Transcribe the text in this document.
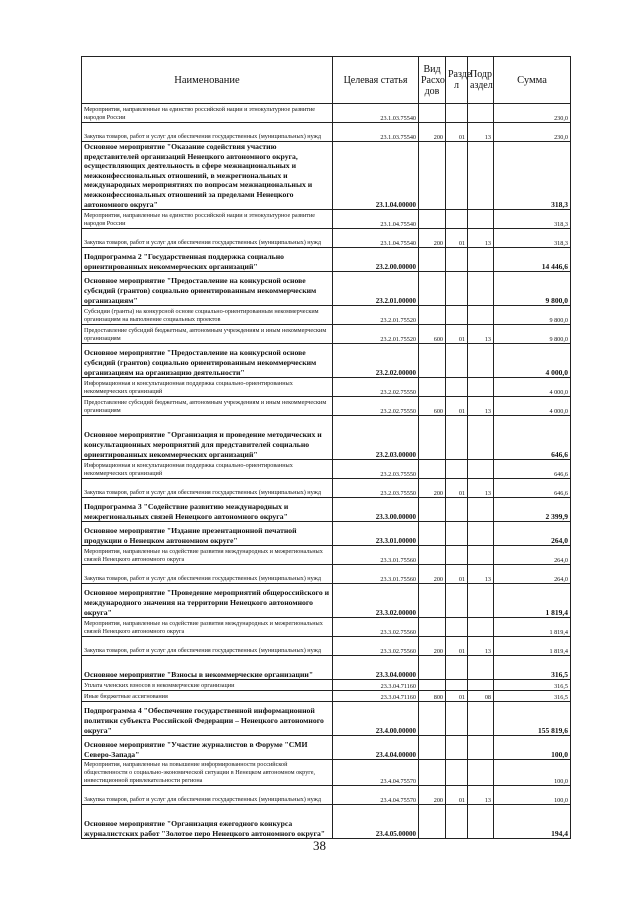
Наименование	Целевая статья	Вид Расхо дов	Разде л	Подр аздел	Сумма
Мероприятия, направленные на единство российской нации и этнокультурное развитие народов России	23.1.03.75540				230,0
Закупка товаров, работ и услуг для обеспечения государственных (муниципальных) нужд	23.1.03.75540	200	01	13	230,0
Основное мероприятие "Оказание содействия участию представителей организаций Ненецкого автономного округа, осуществляющих деятельность в сфере межнациональных и межконфессиональных отношений, в межрегиональных и международных мероприятиях по вопросам межнациональных и межконфессиональных отношений за пределами Ненецкого автономного округа"	23.1.04.00000				318,3
Мероприятия, направленные на единство российской нации и этнокультурное развитие народов России	23.1.04.75540				318,3
Закупка товаров, работ и услуг для обеспечения государственных (муниципальных) нужд	23.1.04.75540	200	01	13	318,3
Подпрограмма 2 "Государственная поддержка социально ориентированных некоммерческих организаций"	23.2.00.00000				14 446,6
Основное мероприятие "Предоставление на конкурсной основе субсидий (грантов) социально ориентированным некоммерческим организациям"	23.2.01.00000				9 800,0
Субсидии (гранты) на конкурсной основе социально-ориентированным некоммерческим организациям на выполнение социальных проектов	23.2.01.75520				9 800,0
Предоставление субсидий бюджетным, автономным учреждениям и иным некоммерческим организациям	23.2.01.75520	600	01	13	9 800,0
Основное мероприятие "Предоставление на конкурсной основе субсидий (грантов) социально ориентированным некоммерческим организациям на организацию деятельности"	23.2.02.00000				4 000,0
Информационная и консультационная поддержка социально-ориентированных некоммерческих организаций	23.2.02.75550				4 000,0
Предоставление субсидий бюджетным, автономным учреждениям и иным некоммерческим организациям	23.2.02.75550	600	01	13	4 000,0
Основное мероприятие "Организация и проведение методических и консультационных мероприятий для представителей социально ориентированных некоммерческих организаций"	23.2.03.00000				646,6
Информационная и консультационная поддержка социально-ориентированных некоммерческих организаций	23.2.03.75550				646,6
Закупка товаров, работ и услуг для обеспечения государственных (муниципальных) нужд	23.2.03.75550	200	01	13	646,6
Подпрограмма 3 "Содействие развитию международных и межрегиональных связей Ненецкого автономного округа"	23.3.00.00000				2 399,9
Основное мероприятие "Издание презентационной печатной продукции о Ненецком автономном округе"	23.3.01.00000				264,0
Мероприятия, направленные на содействие развития международных и межрегиональных связей Ненецкого автономного округа	23.3.01.75560				264,0
Закупка товаров, работ и услуг для обеспечения государственных (муниципальных) нужд	23.3.01.75560	200	01	13	264,0
Основное мероприятие "Проведение мероприятий общероссийского и международного значения на территории Ненецкого автономного округа"	23.3.02.00000				1 819,4
Мероприятия, направленные на содействие развития международных и межрегиональных связей Ненецкого автономного округа	23.3.02.75560				1 819,4
Закупка товаров, работ и услуг для обеспечения государственных (муниципальных) нужд	23.3.02.75560	200	01	13	1 819,4
Основное мероприятие "Взносы в некоммерческие организации"	23.3.04.00000				316,5
Уплата членских взносов в некоммерческие организации	23.3.04.71160				316,5
Иные бюджетные ассигнования	23.3.04.71160	800	01	08	316,5
Подпрограмма 4 "Обеспечение государственной информационной политики субъекта Российской Федерации – Ненецкого автономного округа"	23.4.00.00000				155 819,6
Основное мероприятие "Участие журналистов в Форуме "СМИ Северо-Запада"	23.4.04.00000				100,0
Мероприятия, направленные на повышение информированности российской общественности о социально-экономической ситуации в Ненецком автономном округе, инвестиционной привлекательности региона	23.4.04.75570				100,0
Закупка товаров, работ и услуг для обеспечения государственных (муниципальных) нужд	23.4.04.75570	200	01	13	100,0
Основное мероприятие "Организация ежегодного конкурса журналистских работ "Золотое перо Ненецкого автономного округа"	23.4.05.00000				194,4
38
